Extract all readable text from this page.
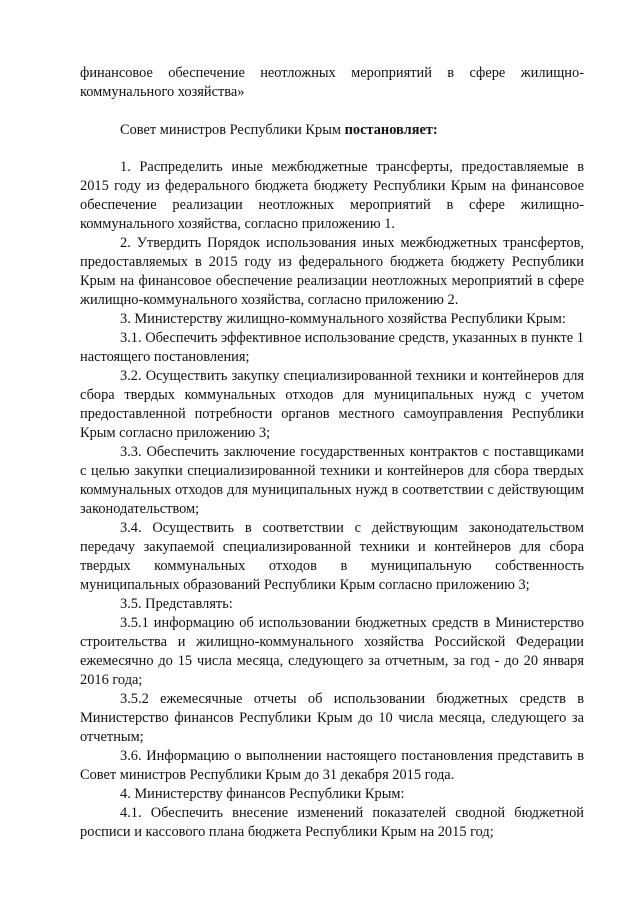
финансовое обеспечение неотложных мероприятий в сфере жилищно-коммунального хозяйства»

Совет министров Республики Крым постановляет:

1. Распределить иные межбюджетные трансферты, предоставляемые в 2015 году из федерального бюджета бюджету Республики Крым на финансовое обеспечение реализации неотложных мероприятий в сфере жилищно-коммунального хозяйства, согласно приложению 1.

2. Утвердить Порядок использования иных межбюджетных трансфертов, предоставляемых в 2015 году из федерального бюджета бюджету Республики Крым на финансовое обеспечение реализации неотложных мероприятий в сфере жилищно-коммунального хозяйства, согласно приложению 2.

3. Министерству жилищно-коммунального хозяйства Республики Крым:

3.1. Обеспечить эффективное использование средств, указанных в пункте 1 настоящего постановления;

3.2. Осуществить закупку специализированной техники и контейнеров для сбора твердых коммунальных отходов для муниципальных нужд с учетом предоставленной потребности органов местного самоуправления Республики Крым согласно приложению 3;

3.3. Обеспечить заключение государственных контрактов с поставщиками с целью закупки специализированной техники и контейнеров для сбора твердых коммунальных отходов для муниципальных нужд в соответствии с действующим законодательством;

3.4. Осуществить в соответствии с действующим законодательством передачу закупаемой специализированной техники и контейнеров для сбора твердых коммунальных отходов в муниципальную собственность муниципальных образований Республики Крым согласно приложению 3;

3.5. Представлять:

3.5.1 информацию об использовании бюджетных средств в Министерство строительства и жилищно-коммунального хозяйства Российской Федерации ежемесячно до 15 числа месяца, следующего за отчетным, за год - до 20 января 2016 года;

3.5.2 ежемесячные отчеты об использовании бюджетных средств в Министерство финансов Республики Крым до 10 числа месяца, следующего за отчетным;

3.6. Информацию о выполнении настоящего постановления представить в Совет министров Республики Крым до 31 декабря 2015 года.

4. Министерству финансов Республики Крым:

4.1. Обеспечить внесение изменений показателей сводной бюджетной росписи и кассового плана бюджета Республики Крым на 2015 год;
